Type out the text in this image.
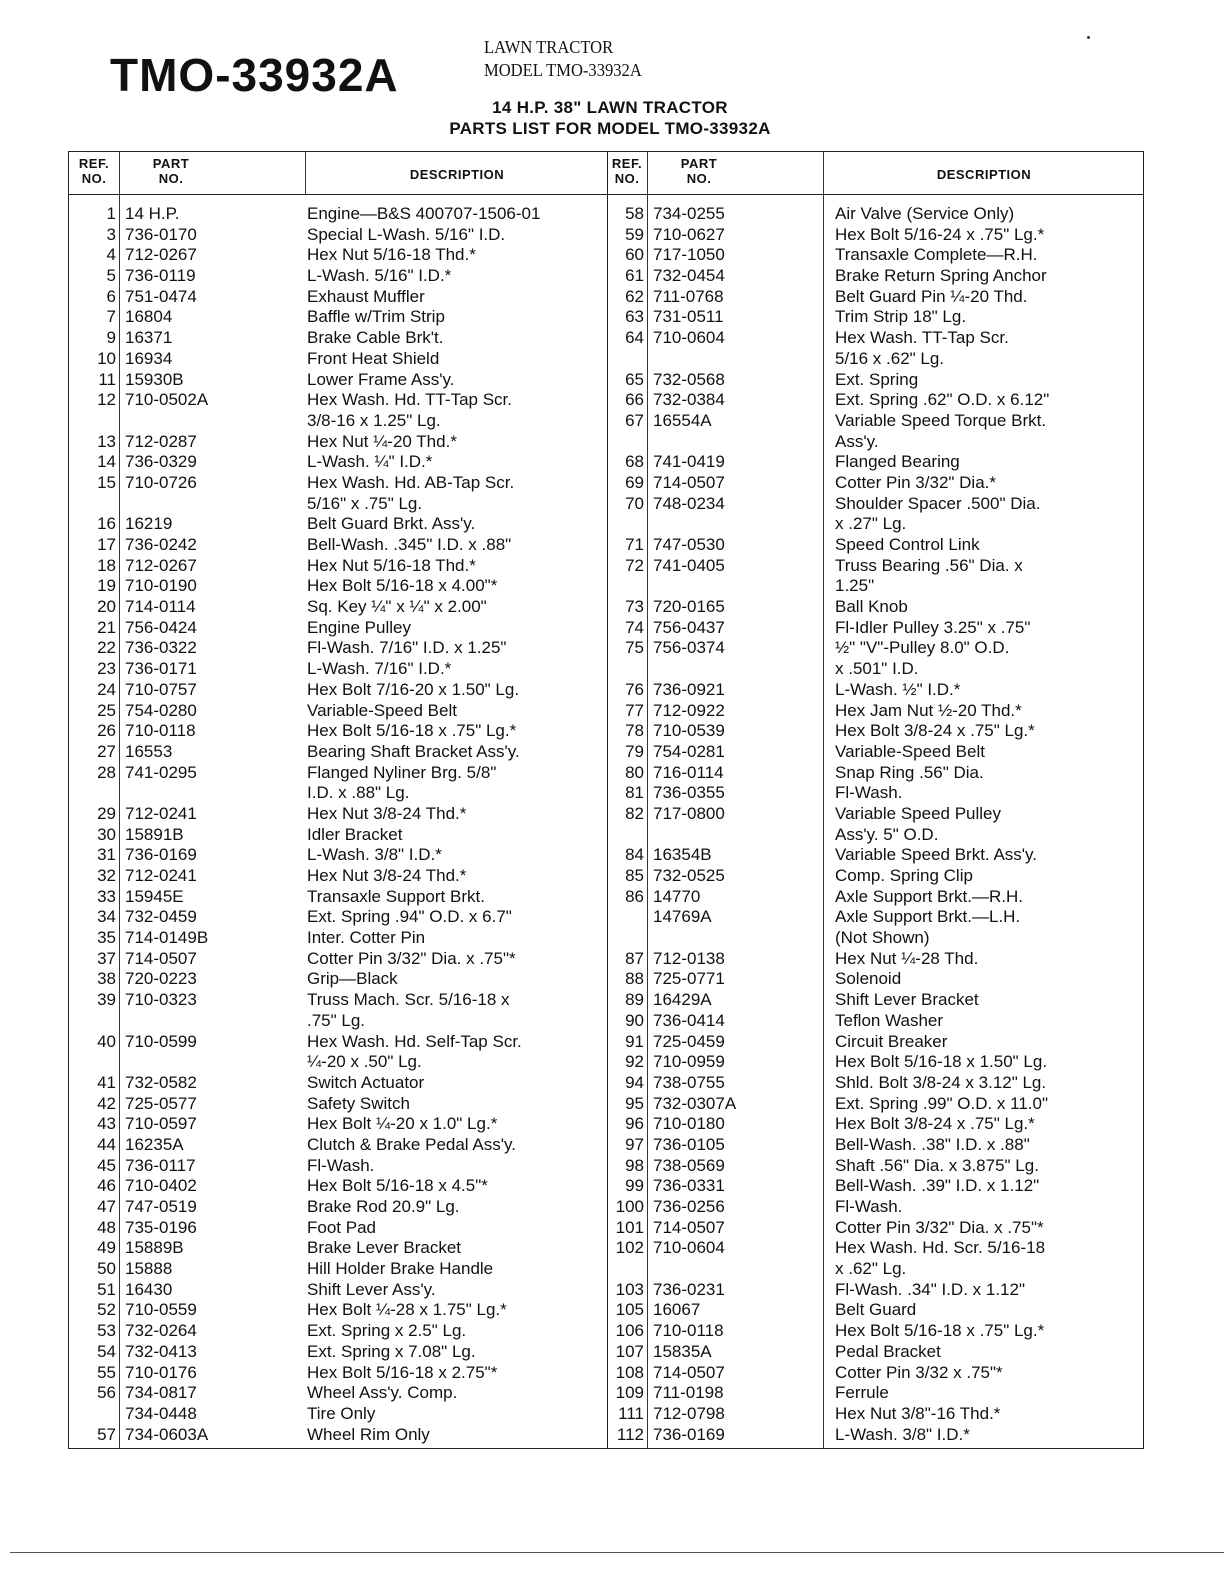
TMO-33932A
LAWN TRACTOR
MODEL TMO-33932A
14 H.P. 38" LAWN TRACTOR
PARTS LIST FOR MODEL TMO-33932A
REF.
NO.
PART
NO.	DESCRIPTION
REF.
NO.
PART
NO.	DESCRIPTION
1 14 H.P.	Engine—B&S 400707-1506-01
3 736-0170	Special L-Wash. 5/16" I.D.
4 712-0267	Hex Nut 5/16-18 Thd.*
5 736-0119	L-Wash. 5/16" I.D.*
6 751-0474	Exhaust Muffler
7 16804	Baffle w/Trim Strip
9 16371	Brake Cable Brk't.
10 16934	Front Heat Shield
11 15930B	Lower Frame Ass'y.
12 710-0502A	Hex Wash. Hd. TT-Tap Scr.
3/8-16 x 1.25" Lg.
13 712-0287	Hex Nut ¼-20 Thd.*
14 736-0329	L-Wash. ¼" I.D.*
15 710-0726	Hex Wash. Hd. AB-Tap Scr.
5/16" x .75" Lg.
16 16219	Belt Guard Brkt. Ass'y.
17 736-0242	Bell-Wash. .345" I.D. x .88"
18 712-0267	Hex Nut 5/16-18 Thd.*
19 710-0190	Hex Bolt 5/16-18 x 4.00"*
20 714-0114	Sq. Key ¼" x ¼" x 2.00"
21 756-0424	Engine Pulley
22 736-0322	Fl-Wash. 7/16" I.D. x 1.25"
23 736-0171	L-Wash. 7/16" I.D.*
24 710-0757	Hex Bolt 7/16-20 x 1.50" Lg.
25 754-0280	Variable-Speed Belt
26 710-0118	Hex Bolt 5/16-18 x .75" Lg.*
27 16553	Bearing Shaft Bracket Ass'y.
28 741-0295	Flanged Nyliner Brg. 5/8"
I.D. x .88" Lg.
29 712-0241	Hex Nut 3/8-24 Thd.*
30 15891B	Idler Bracket
31 736-0169	L-Wash. 3/8" I.D.*
32 712-0241	Hex Nut 3/8-24 Thd.*
33 15945E	Transaxle Support Brkt.
34 732-0459	Ext. Spring .94" O.D. x 6.7"
35 714-0149B	Inter. Cotter Pin
37 714-0507	Cotter Pin 3/32" Dia. x .75"*
38 720-0223	Grip—Black
39 710-0323	Truss Mach. Scr. 5/16-18 x
.75" Lg.
40 710-0599	Hex Wash. Hd. Self-Tap Scr.
¼-20 x .50" Lg.
41 732-0582	Switch Actuator
42 725-0577	Safety Switch
43 710-0597	Hex Bolt ¼-20 x 1.0" Lg.*
44 16235A	Clutch & Brake Pedal Ass'y.
45 736-0117	Fl-Wash.
46 710-0402	Hex Bolt 5/16-18 x 4.5"*
47 747-0519	Brake Rod 20.9" Lg.
48 735-0196	Foot Pad
49 15889B	Brake Lever Bracket
50 15888	Hill Holder Brake Handle
51 16430	Shift Lever Ass'y.
52 710-0559	Hex Bolt ¼-28 x 1.75" Lg.*
53 732-0264	Ext. Spring x 2.5" Lg.
54 732-0413	Ext. Spring x 7.08" Lg.
55 710-0176	Hex Bolt 5/16-18 x 2.75"*
56 734-0817	Wheel Ass'y. Comp.
734-0448	Tire Only
57 734-0603A	Wheel Rim Only
58 734-0255	Air Valve (Service Only)
59 710-0627	Hex Bolt 5/16-24 x .75" Lg.*
60 717-1050	Transaxle Complete—R.H.
61 732-0454	Brake Return Spring Anchor
62 711-0768	Belt Guard Pin ¼-20 Thd.
63 731-0511	Trim Strip 18" Lg.
64 710-0604	Hex Wash. TT-Tap Scr.
5/16 x .62" Lg.
65 732-0568	Ext. Spring
66 732-0384	Ext. Spring .62" O.D. x 6.12"
67 16554A	Variable Speed Torque Brkt.
Ass'y.
68 741-0419	Flanged Bearing
69 714-0507	Cotter Pin 3/32" Dia.*
70 748-0234	Shoulder Spacer .500" Dia.
x .27" Lg.
71 747-0530	Speed Control Link
72 741-0405	Truss Bearing .56" Dia. x
1.25"
73 720-0165	Ball Knob
74 756-0437	Fl-Idler Pulley 3.25" x .75"
75 756-0374	½" "V"-Pulley 8.0" O.D.
x .501" I.D.
76 736-0921	L-Wash. ½" I.D.*
77 712-0922	Hex Jam Nut ½-20 Thd.*
78 710-0539	Hex Bolt 3/8-24 x .75" Lg.*
79 754-0281	Variable-Speed Belt
80 716-0114	Snap Ring .56" Dia.
81 736-0355	Fl-Wash.
82 717-0800	Variable Speed Pulley
Ass'y. 5" O.D.
84 16354B	Variable Speed Brkt. Ass'y.
85 732-0525	Comp. Spring Clip
86 14770	Axle Support Brkt.—R.H.
14769A	Axle Support Brkt.—L.H.
(Not Shown)
87 712-0138	Hex Nut ¼-28 Thd.
88 725-0771	Solenoid
89 16429A	Shift Lever Bracket
90 736-0414	Teflon Washer
91 725-0459	Circuit Breaker
92 710-0959	Hex Bolt 5/16-18 x 1.50" Lg.
94 738-0755	Shld. Bolt 3/8-24 x 3.12" Lg.
95 732-0307A	Ext. Spring .99" O.D. x 11.0"
96 710-0180	Hex Bolt 3/8-24 x .75" Lg.*
97 736-0105	Bell-Wash. .38" I.D. x .88"
98 738-0569	Shaft .56" Dia. x 3.875" Lg.
99 736-0331	Bell-Wash. .39" I.D. x 1.12"
100 736-0256	Fl-Wash.
101 714-0507	Cotter Pin 3/32" Dia. x .75"*
102 710-0604	Hex Wash. Hd. Scr. 5/16-18
x .62" Lg.
103 736-0231	Fl-Wash. .34" I.D. x 1.12"
105 16067	Belt Guard
106 710-0118	Hex Bolt 5/16-18 x .75" Lg.*
107 15835A	Pedal Bracket
108 714-0507	Cotter Pin 3/32 x .75"*
109 711-0198	Ferrule
111 712-0798	Hex Nut 3/8"-16 Thd.*
112 736-0169	L-Wash. 3/8" I.D.*
